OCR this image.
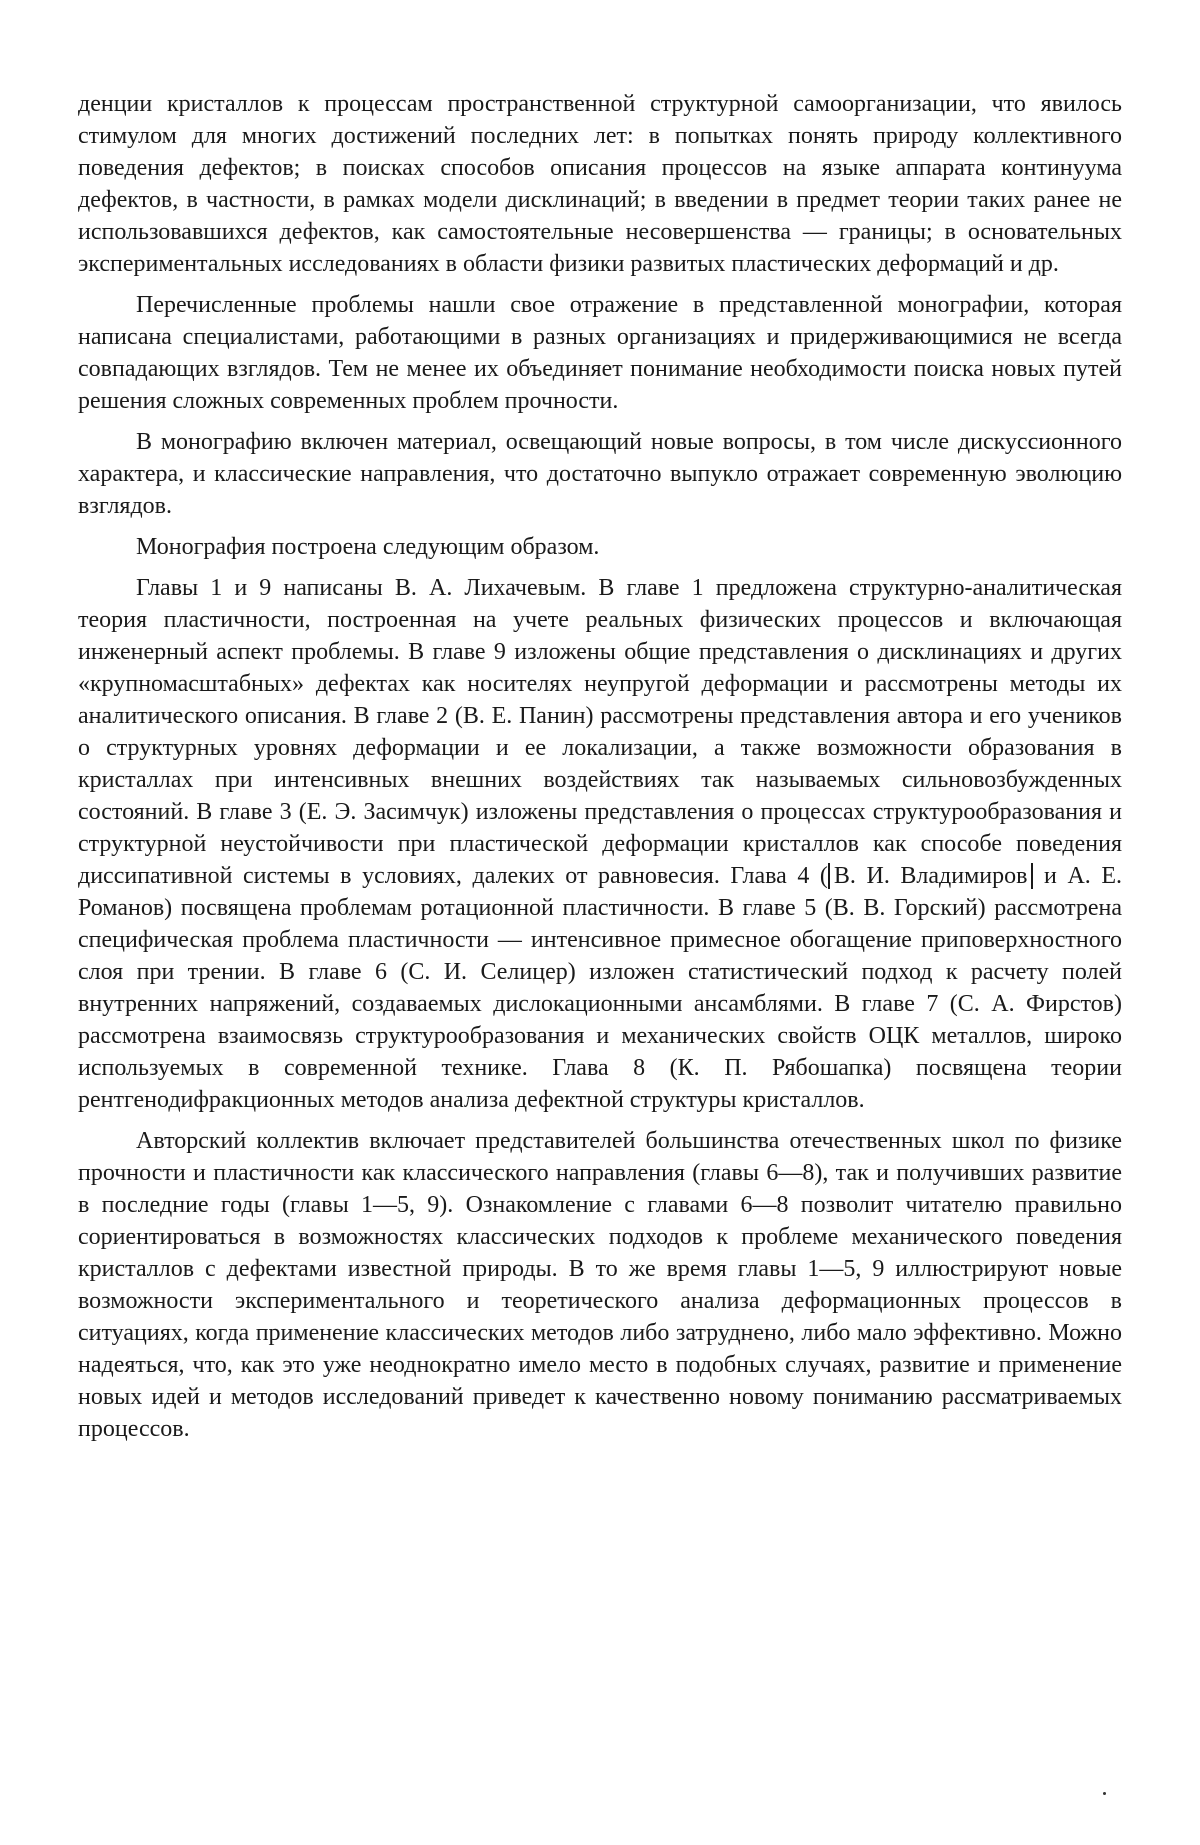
денции кристаллов к процессам пространственной структурной самоорганизации, что явилось стимулом для многих достижений последних лет: в попытках понять природу коллективного поведения дефектов; в поисках способов описания процессов на языке аппарата континуума дефектов, в частности, в рамках модели дисклинаций; в введении в предмет теории таких ранее не использовавшихся дефектов, как самостоятельные несовершенства — границы; в основательных экспериментальных исследованиях в области физики развитых пластических деформаций и др.

Перечисленные проблемы нашли свое отражение в представленной монографии, которая написана специалистами, работающими в разных организациях и придерживающимися не всегда совпадающих взглядов. Тем не менее их объединяет понимание необходимости поиска новых путей решения сложных современных проблем прочности.

В монографию включен материал, освещающий новые вопросы, в том числе дискуссионного характера, и классические направления, что достаточно выпукло отражает современную эволюцию взглядов.

Монография построена следующим образом.

Главы 1 и 9 написаны В. А. Лихачевым. В главе 1 предложена структурно-аналитическая теория пластичности, построенная на учете реальных физических процессов и включающая инженерный аспект проблемы. В главе 9 изложены общие представления о дисклинациях и других «крупномасштабных» дефектах как носителях неупругой деформации и рассмотрены методы их аналитического описания. В главе 2 (В. Е. Панин) рассмотрены представления автора и его учеников о структурных уровнях деформации и ее локализации, а также возможности образования в кристаллах при интенсивных внешних воздействиях так называемых сильновозбужденных состояний. В главе 3 (Е. Э. Засимчук) изложены представления о процессах структурообразования и структурной неустойчивости при пластической деформации кристаллов как способе поведения диссипативной системы в условиях, далеких от равновесия. Глава 4 ( В. И. Владимиров и А. Е. Романов) посвящена проблемам ротационной пластичности. В главе 5 (В. В. Горский) рассмотрена специфическая проблема пластичности — интенсивное примесное обогащение приповерхностного слоя при трении. В главе 6 (С. И. Селицер) изложен статистический подход к расчету полей внутренних напряжений, создаваемых дислокационными ансамблями. В главе 7 (С. А. Фирстов) рассмотрена взаимосвязь структурообразования и механических свойств ОЦК металлов, широко используемых в современной технике. Глава 8 (К. П. Рябошапка) посвящена теории рентгенодифракционных методов анализа дефектной структуры кристаллов.

Авторский коллектив включает представителей большинства отечественных школ по физике прочности и пластичности как классического направления (главы 6—8), так и получивших развитие в последние годы (главы 1—5, 9). Ознакомление с главами 6—8 позволит читателю правильно сориентироваться в возможностях классических подходов к проблеме механического поведения кристаллов с дефектами известной природы. В то же время главы 1—5, 9 иллюстрируют новые возможности экспериментального и теоретического анализа деформационных процессов в ситуациях, когда применение классических методов либо затруднено, либо мало эффективно. Можно надеяться, что, как это уже неоднократно имело место в подобных случаях, развитие и применение новых идей и методов исследований приведет к качественно новому пониманию рассматриваемых процессов.
